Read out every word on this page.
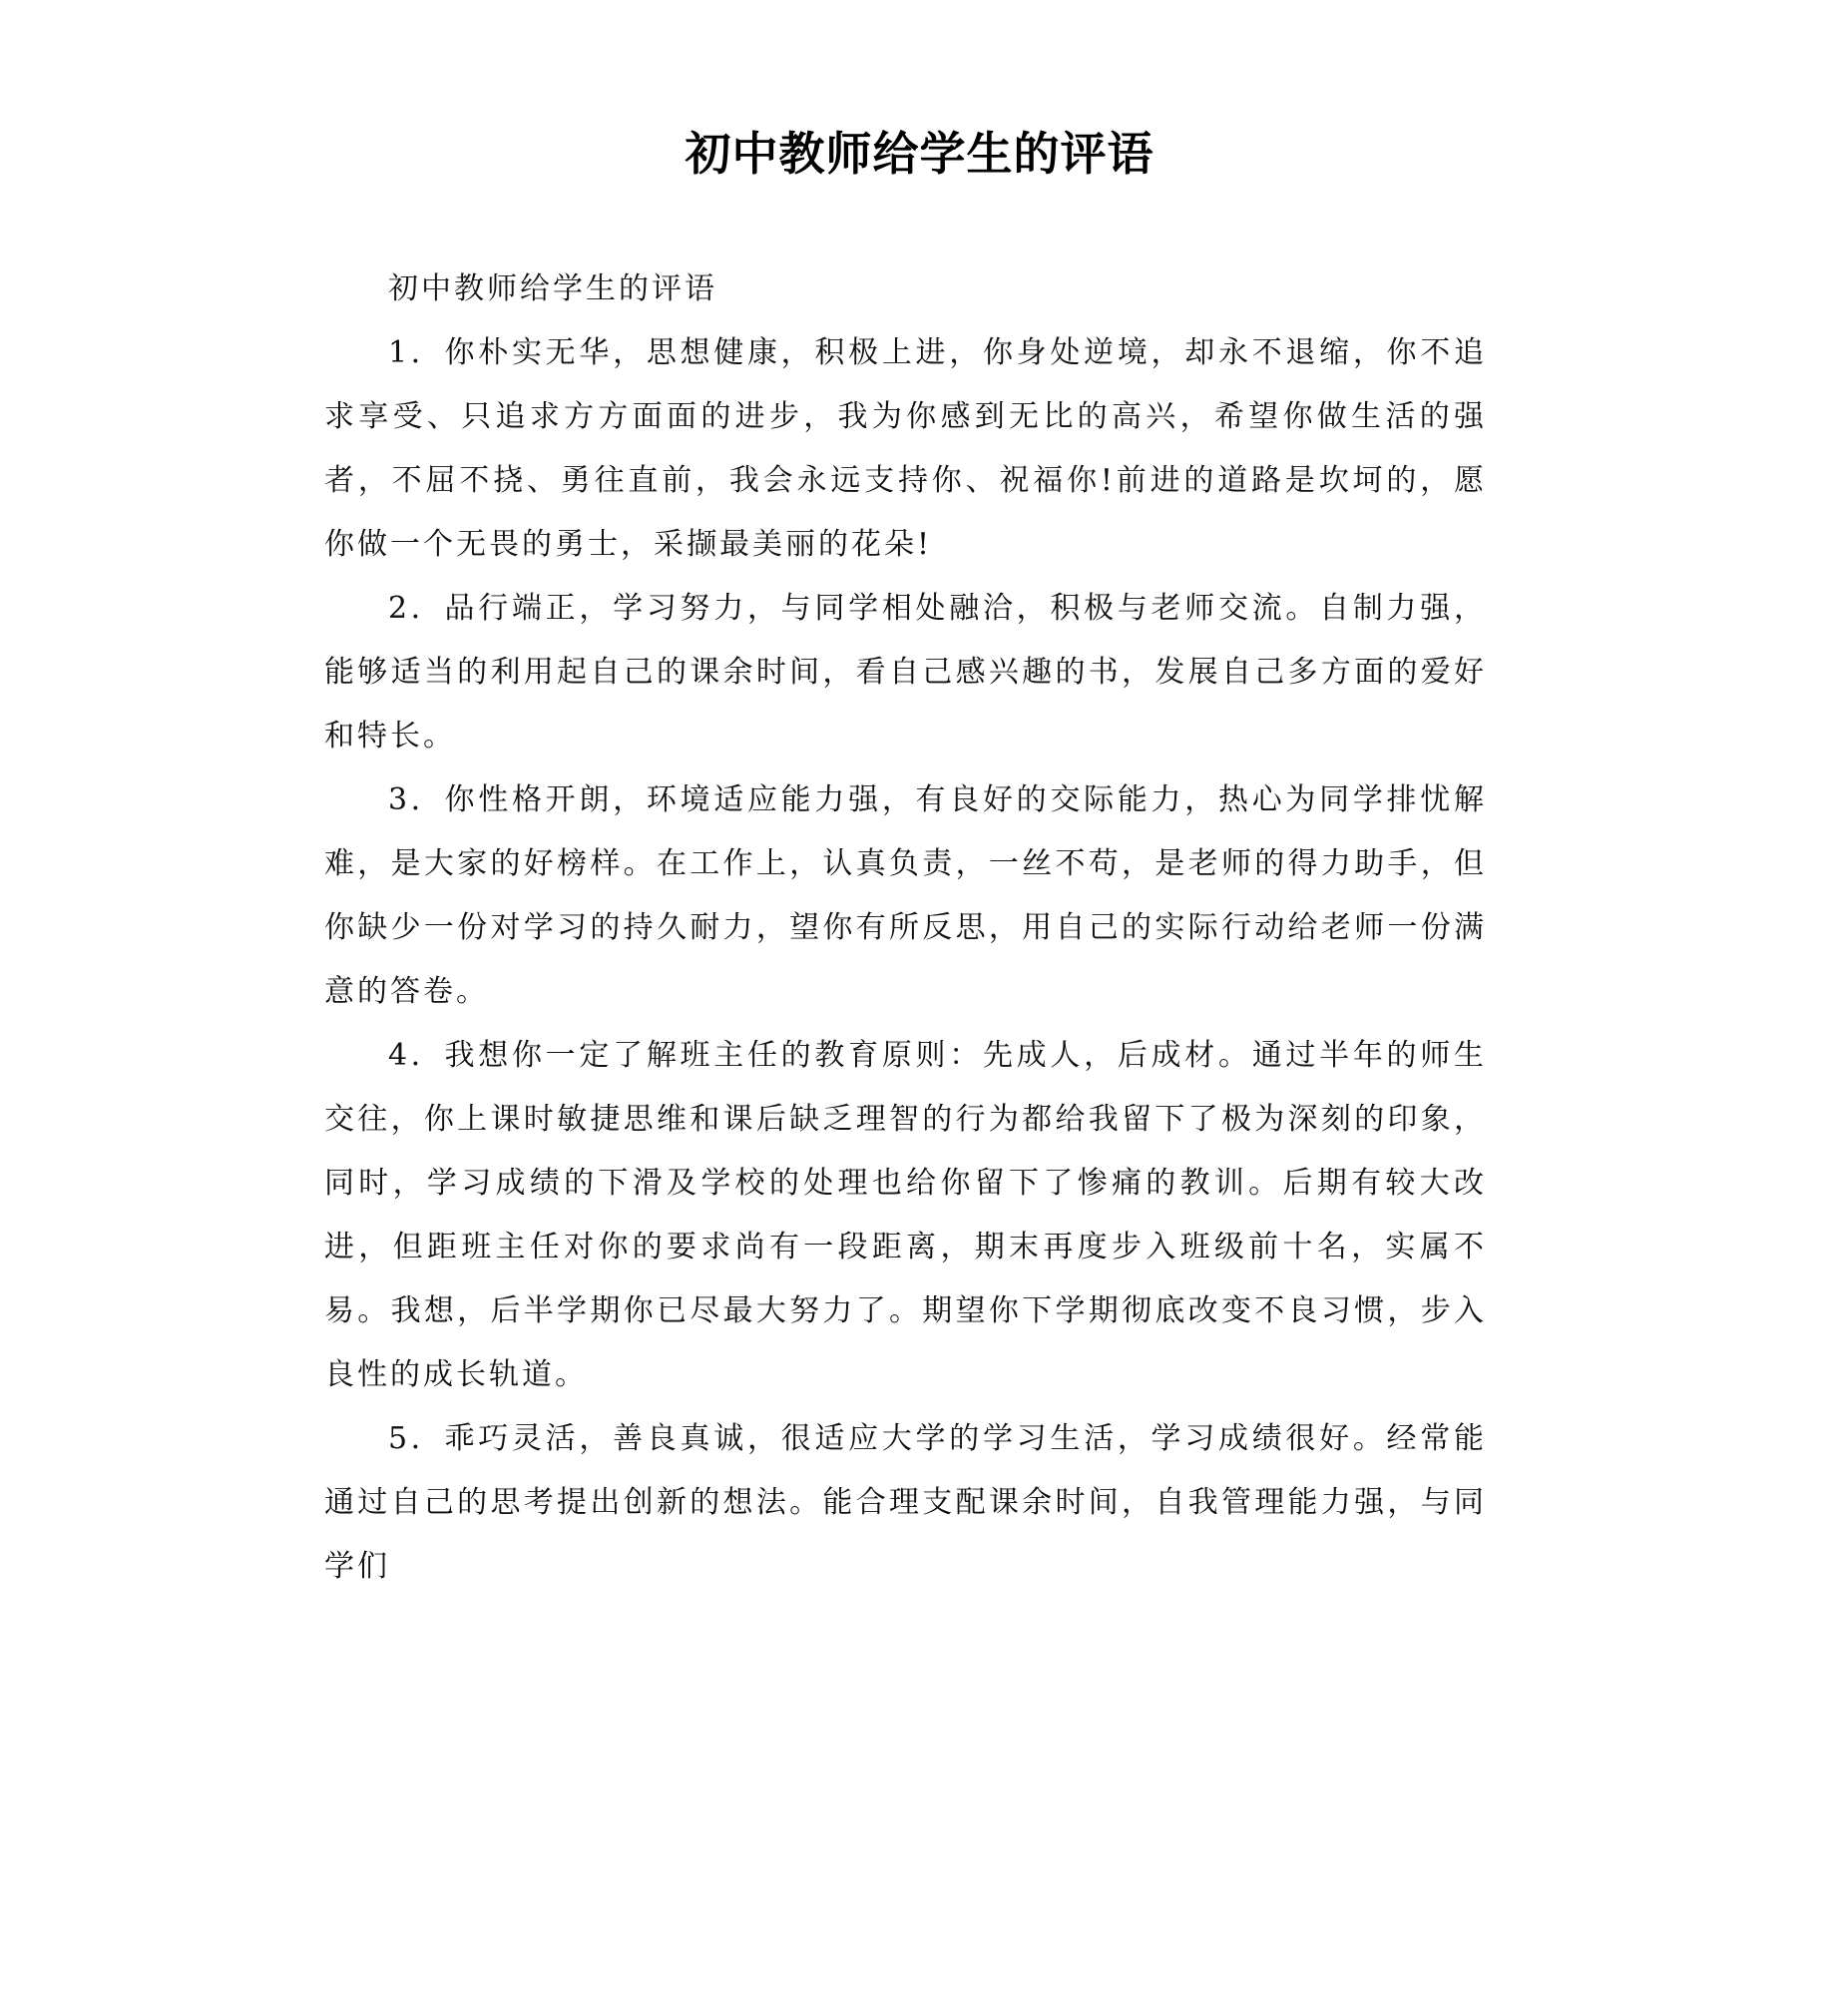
初中教师给学生的评语

初中教师给学生的评语

1．你朴实无华，思想健康，积极上进，你身处逆境，却永不退缩，你不追求享受、只追求方方面面的进步，我为你感到无比的高兴，希望你做生活的强者，不屈不挠、勇往直前，我会永远支持你、祝福你!前进的道路是坎坷的，愿你做一个无畏的勇士，采撷最美丽的花朵!

2．品行端正，学习努力，与同学相处融洽，积极与老师交流。自制力强，能够适当的利用起自己的课余时间，看自己感兴趣的书，发展自己多方面的爱好和特长。

3．你性格开朗，环境适应能力强，有良好的交际能力，热心为同学排忧解难，是大家的好榜样。在工作上，认真负责，一丝不苟，是老师的得力助手，但你缺少一份对学习的持久耐力，望你有所反思，用自己的实际行动给老师一份满意的答卷。

4．我想你一定了解班主任的教育原则：先成人，后成材。通过半年的师生交往，你上课时敏捷思维和课后缺乏理智的行为都给我留下了极为深刻的印象，同时，学习成绩的下滑及学校的处理也给你留下了惨痛的教训。后期有较大改进，但距班主任对你的要求尚有一段距离，期末再度步入班级前十名，实属不易。我想，后半学期你已尽最大努力了。期望你下学期彻底改变不良习惯，步入良性的成长轨道。

5．乖巧灵活，善良真诚，很适应大学的学习生活，学习成绩很好。经常能通过自己的思考提出创新的想法。能合理支配课余时间，自我管理能力强，与同学们
